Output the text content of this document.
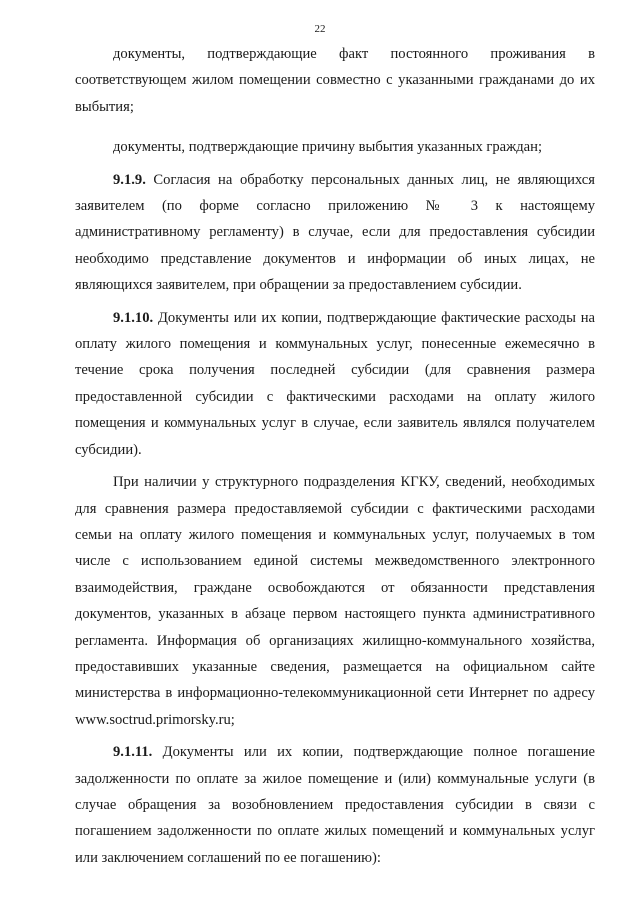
22

документы, подтверждающие факт постоянного проживания в соответствующем жилом помещении совместно с указанными гражданами до их выбытия;

документы, подтверждающие причину выбытия указанных граждан;

9.1.9. Согласия на обработку персональных данных лиц, не являющихся заявителем (по форме согласно приложению № 3 к настоящему административному регламенту) в случае, если для предоставления субсидии необходимо представление документов и информации об иных лицах, не являющихся заявителем, при обращении за предоставлением субсидии.

9.1.10. Документы или их копии, подтверждающие фактические расходы на оплату жилого помещения и коммунальных услуг, понесенные ежемесячно в течение срока получения последней субсидии (для сравнения размера предоставленной субсидии с фактическими расходами на оплату жилого помещения и коммунальных услуг в случае, если заявитель являлся получателем субсидии).

При наличии у структурного подразделения КГКУ, сведений, необходимых для сравнения размера предоставляемой субсидии с фактическими расходами семьи на оплату жилого помещения и коммунальных услуг, получаемых в том числе с использованием единой системы межведомственного электронного взаимодействия, граждане освобождаются от обязанности представления документов, указанных в абзаце первом настоящего пункта административного регламента. Информация об организациях жилищно-коммунального хозяйства, предоставивших указанные сведения, размещается на официальном сайте министерства в информационно-телекоммуникационной сети Интернет по адресу www.soctrud.primorsky.ru;

9.1.11. Документы или их копии, подтверждающие полное погашение задолженности по оплате за жилое помещение и (или) коммунальные услуги (в случае обращения за возобновлением предоставления субсидии в связи с погашением задолженности по оплате жилых помещений и коммунальных услуг или заключением соглашений по ее погашению):
